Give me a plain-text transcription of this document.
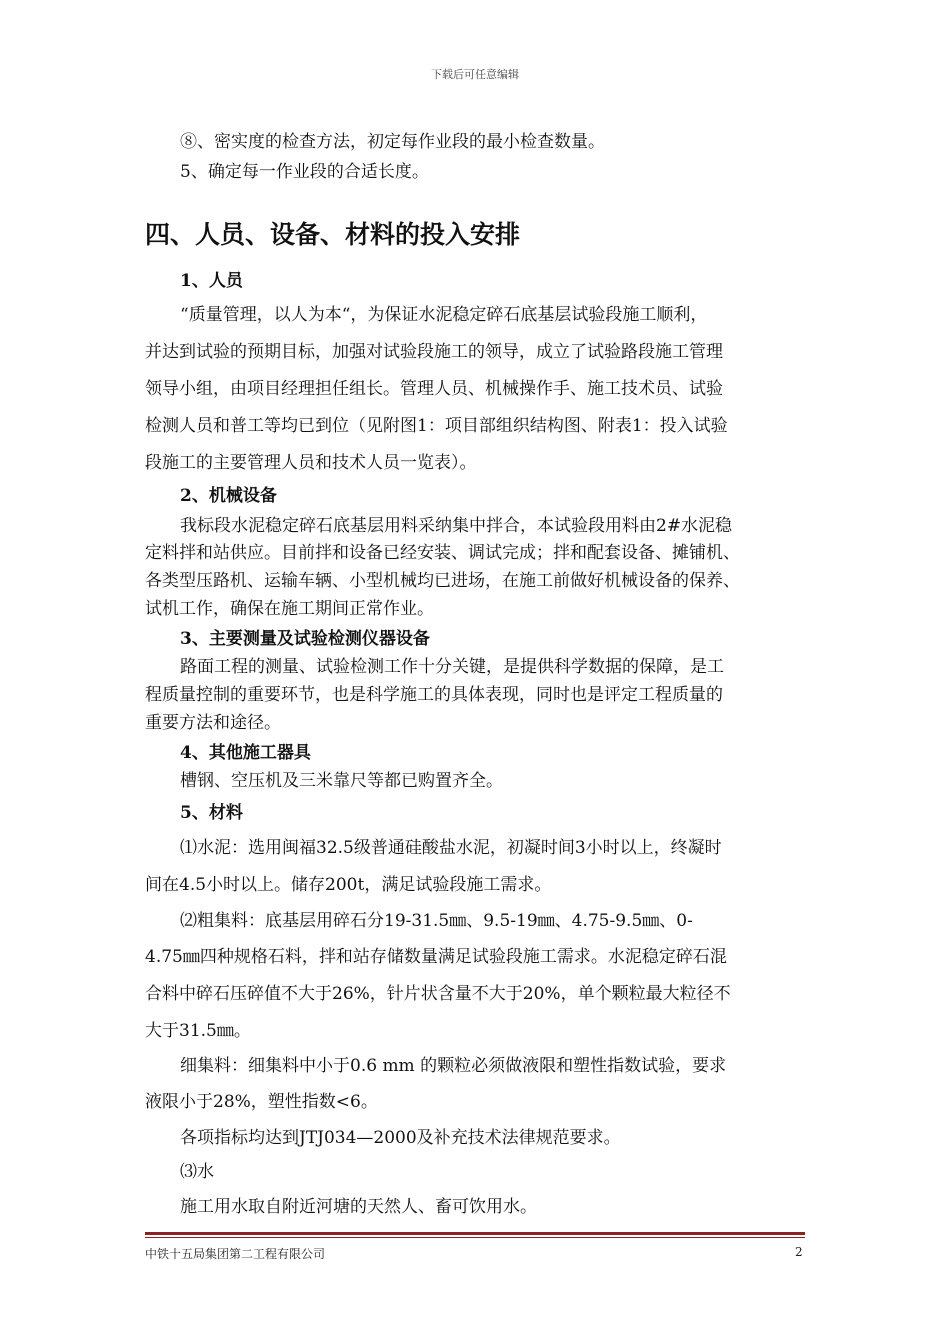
下载后可任意编辑
⑧、密实度的检查方法，初定每作业段的最小检查数量。
5、确定每一作业段的合适长度。
四、人员、设备、材料的投入安排
1、人员
“质量管理，以人为本“，为保证水泥稳定碎石底基层试验段施工顺利，
并达到试验的预期目标，加强对试验段施工的领导，成立了试验路段施工管理
领导小组，由项目经理担任组长。管理人员、机械操作手、施工技术员、试验
检测人员和普工等均已到位（见附图1：项目部组织结构图、附表1：投入试验
段施工的主要管理人员和技术人员一览表）。
2、机械设备
我标段水泥稳定碎石底基层用料采纳集中拌合，本试验段用料由2#水泥稳
定料拌和站供应。目前拌和设备已经安装、调试完成；拌和配套设备、摊铺机、
各类型压路机、运输车辆、小型机械均已进场，在施工前做好机械设备的保养、
试机工作，确保在施工期间正常作业。
3、主要测量及试验检测仪器设备
路面工程的测量、试验检测工作十分关键，是提供科学数据的保障，是工
程质量控制的重要环节，也是科学施工的具体表现，同时也是评定工程质量的
重要方法和途径。
4、其他施工器具
槽钢、空压机及三米靠尺等都已购置齐全。
5、材料
⑴水泥：选用闽福32.5级普通硅酸盐水泥，初凝时间3小时以上，终凝时
间在4.5小时以上。储存200t，满足试验段施工需求。
⑵粗集料：底基层用碎石分19-31.5㎜、9.5-19㎜、4.75-9.5㎜、0-
4.75㎜四种规格石料，拌和站存储数量满足试验段施工需求。水泥稳定碎石混
合料中碎石压碎值不大于26%，针片状含量不大于20%，单个颗粒最大粒径不
大于31.5㎜。
细集料：细集料中小于0.6 mm 的颗粒必须做液限和塑性指数试验，要求
液限小于28%，塑性指数<6。
各项指标均达到JTJ034—2000及补充技术法律规范要求。
⑶水
施工用水取自附近河塘的天然人、畜可饮用水。
中铁十五局集团第二工程有限公司	2
